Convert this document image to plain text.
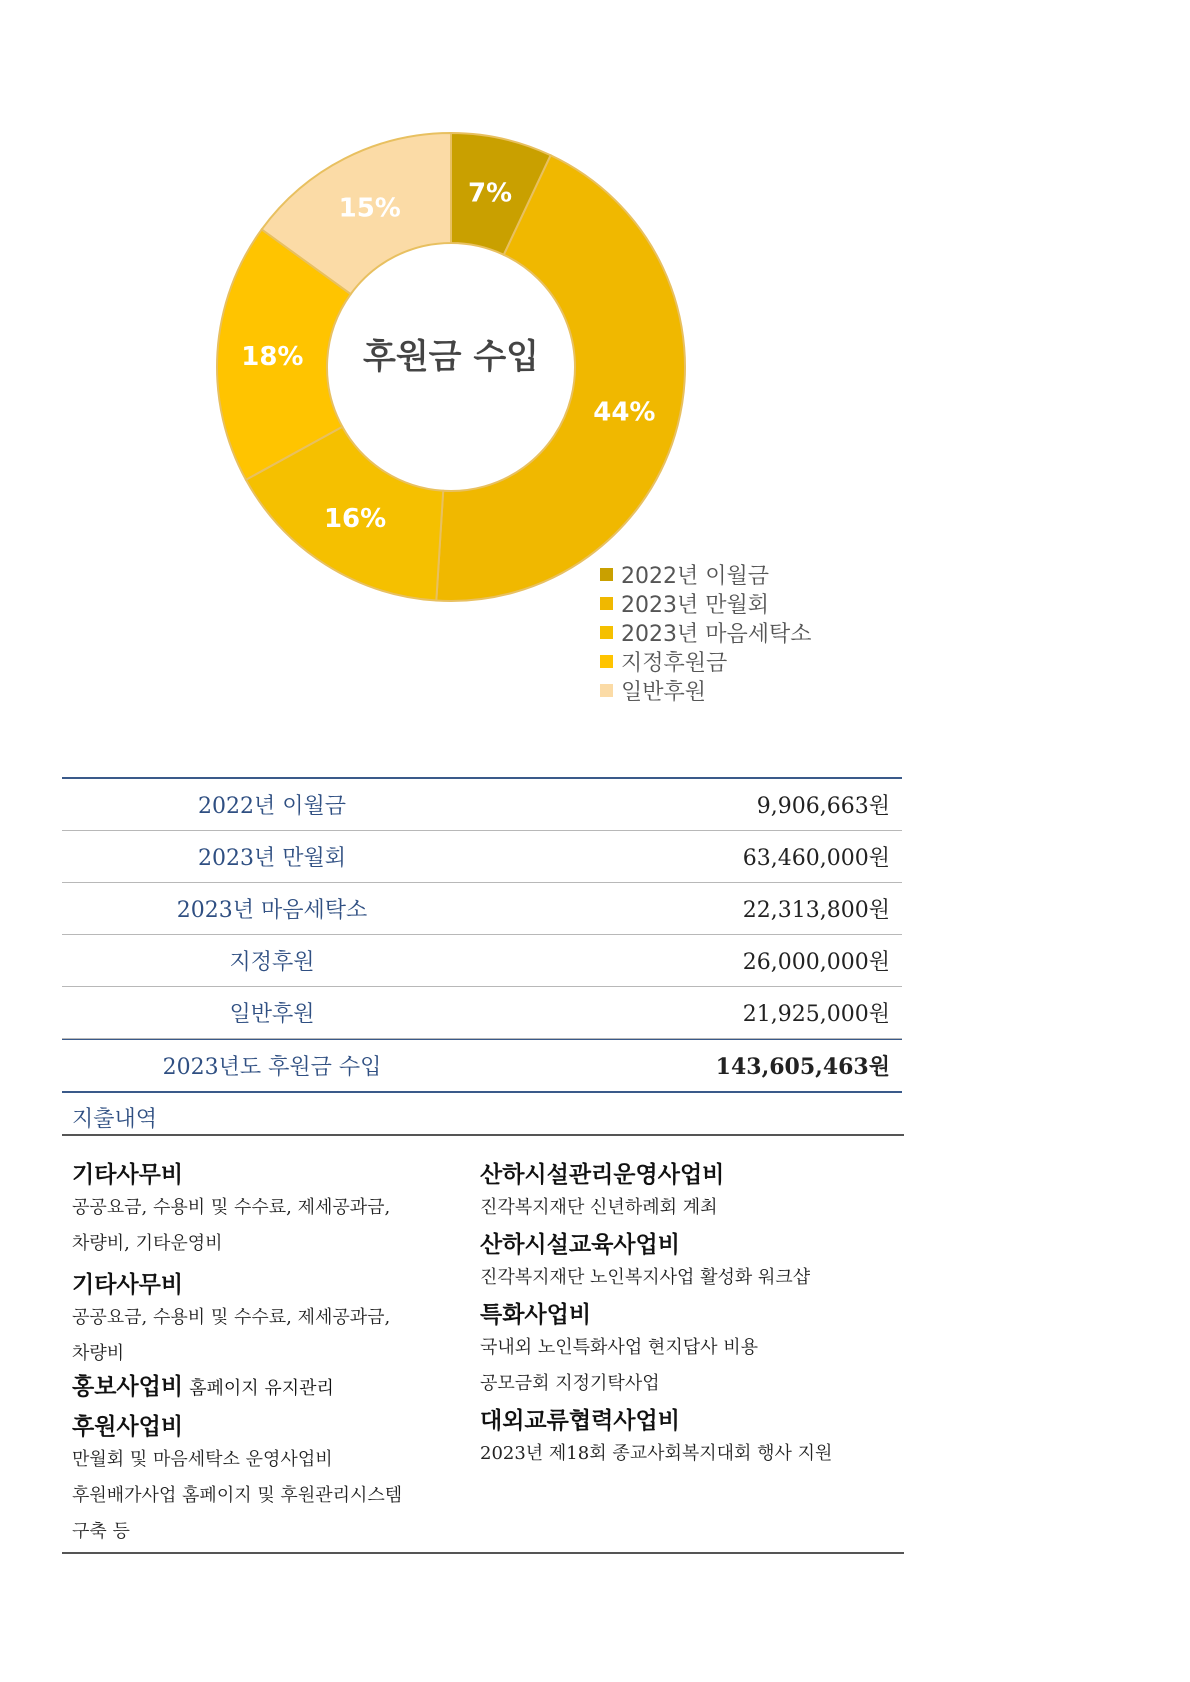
후원금 수입
7%
44%
16%
18%
15%
2022년 이월금
2023년 만월회
2023년 마음세탁소
지정후원금
일반후원
2022년 이월금	9,906,663원
2023년 만월회	63,460,000원
2023년 마음세탁소	22,313,800원
지정후원	26,000,000원
일반후원	21,925,000원
2023년도 후원금 수입	143,605,463원
지출내역
기타사무비
공공요금, 수용비 및 수수료, 제세공과금,
차량비, 기타운영비
기타사무비
공공요금, 수용비 및 수수료, 제세공과금,
차량비
홍보사업비 홈페이지 유지관리
후원사업비
만월회 및 마음세탁소 운영사업비
후원배가사업 홈페이지 및 후원관리시스템
구축 등
산하시설관리운영사업비
진각복지재단 신년하례회 계최
산하시설교육사업비
진각복지재단 노인복지사업 활성화 워크샵
특화사업비
국내외 노인특화사업 현지답사 비용
공모금회 지정기탁사업
대외교류협력사업비
2023년 제18회 종교사회복지대회 행사 지원
